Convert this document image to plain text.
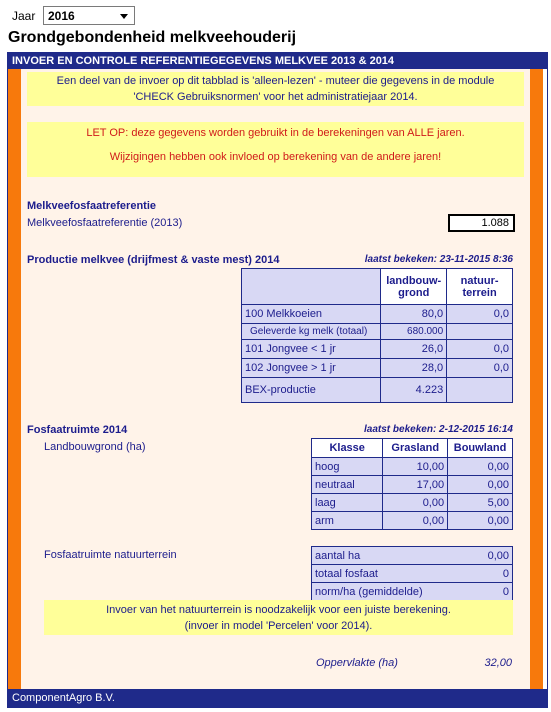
Jaar	2016
Grondgebondenheid melkveehouderij
INVOER EN CONTROLE REFERENTIEGEGEVENS MELKVEE 2013 & 2014
Een deel van de invoer op dit tabblad is 'alleen-lezen' - muteer die gegevens in de module
'CHECK Gebruiksnormen' voor het administratiejaar 2014.
LET OP: deze gegevens worden gebruikt in de berekeningen van ALLE jaren.
Wijzigingen hebben ook invloed op berekening van de andere jaren!
Melkveefosfaatreferentie
Melkveefosfaatreferentie (2013)	1.088
Productie melkvee (drijfmest & vaste mest) 2014	laatst bekeken: 23-11-2015 8:36
	landbouw-grond	natuur-terrein
100 Melkkoeien	80,0	0,0
Geleverde kg melk (totaal)	680.000	
101 Jongvee < 1 jr	26,0	0,0
102 Jongvee > 1 jr	28,0	0,0
BEX-productie	4.223	
Fosfaatruimte 2014	laatst bekeken: 2-12-2015 16:14
Landbouwgrond (ha)	Klasse	Grasland	Bouwland
hoog	10,00	0,00
neutraal	17,00	0,00
laag	0,00	5,00
arm	0,00	0,00
Fosfaatruimte natuurterrein	aantal ha	0,00
totaal fosfaat	0
norm/ha (gemiddelde)	0
Invoer van het natuurterrein is noodzakelijk voor een juiste berekening.
(invoer in model 'Percelen' voor 2014).
Oppervlakte (ha)	32,00
ComponentAgro B.V.
